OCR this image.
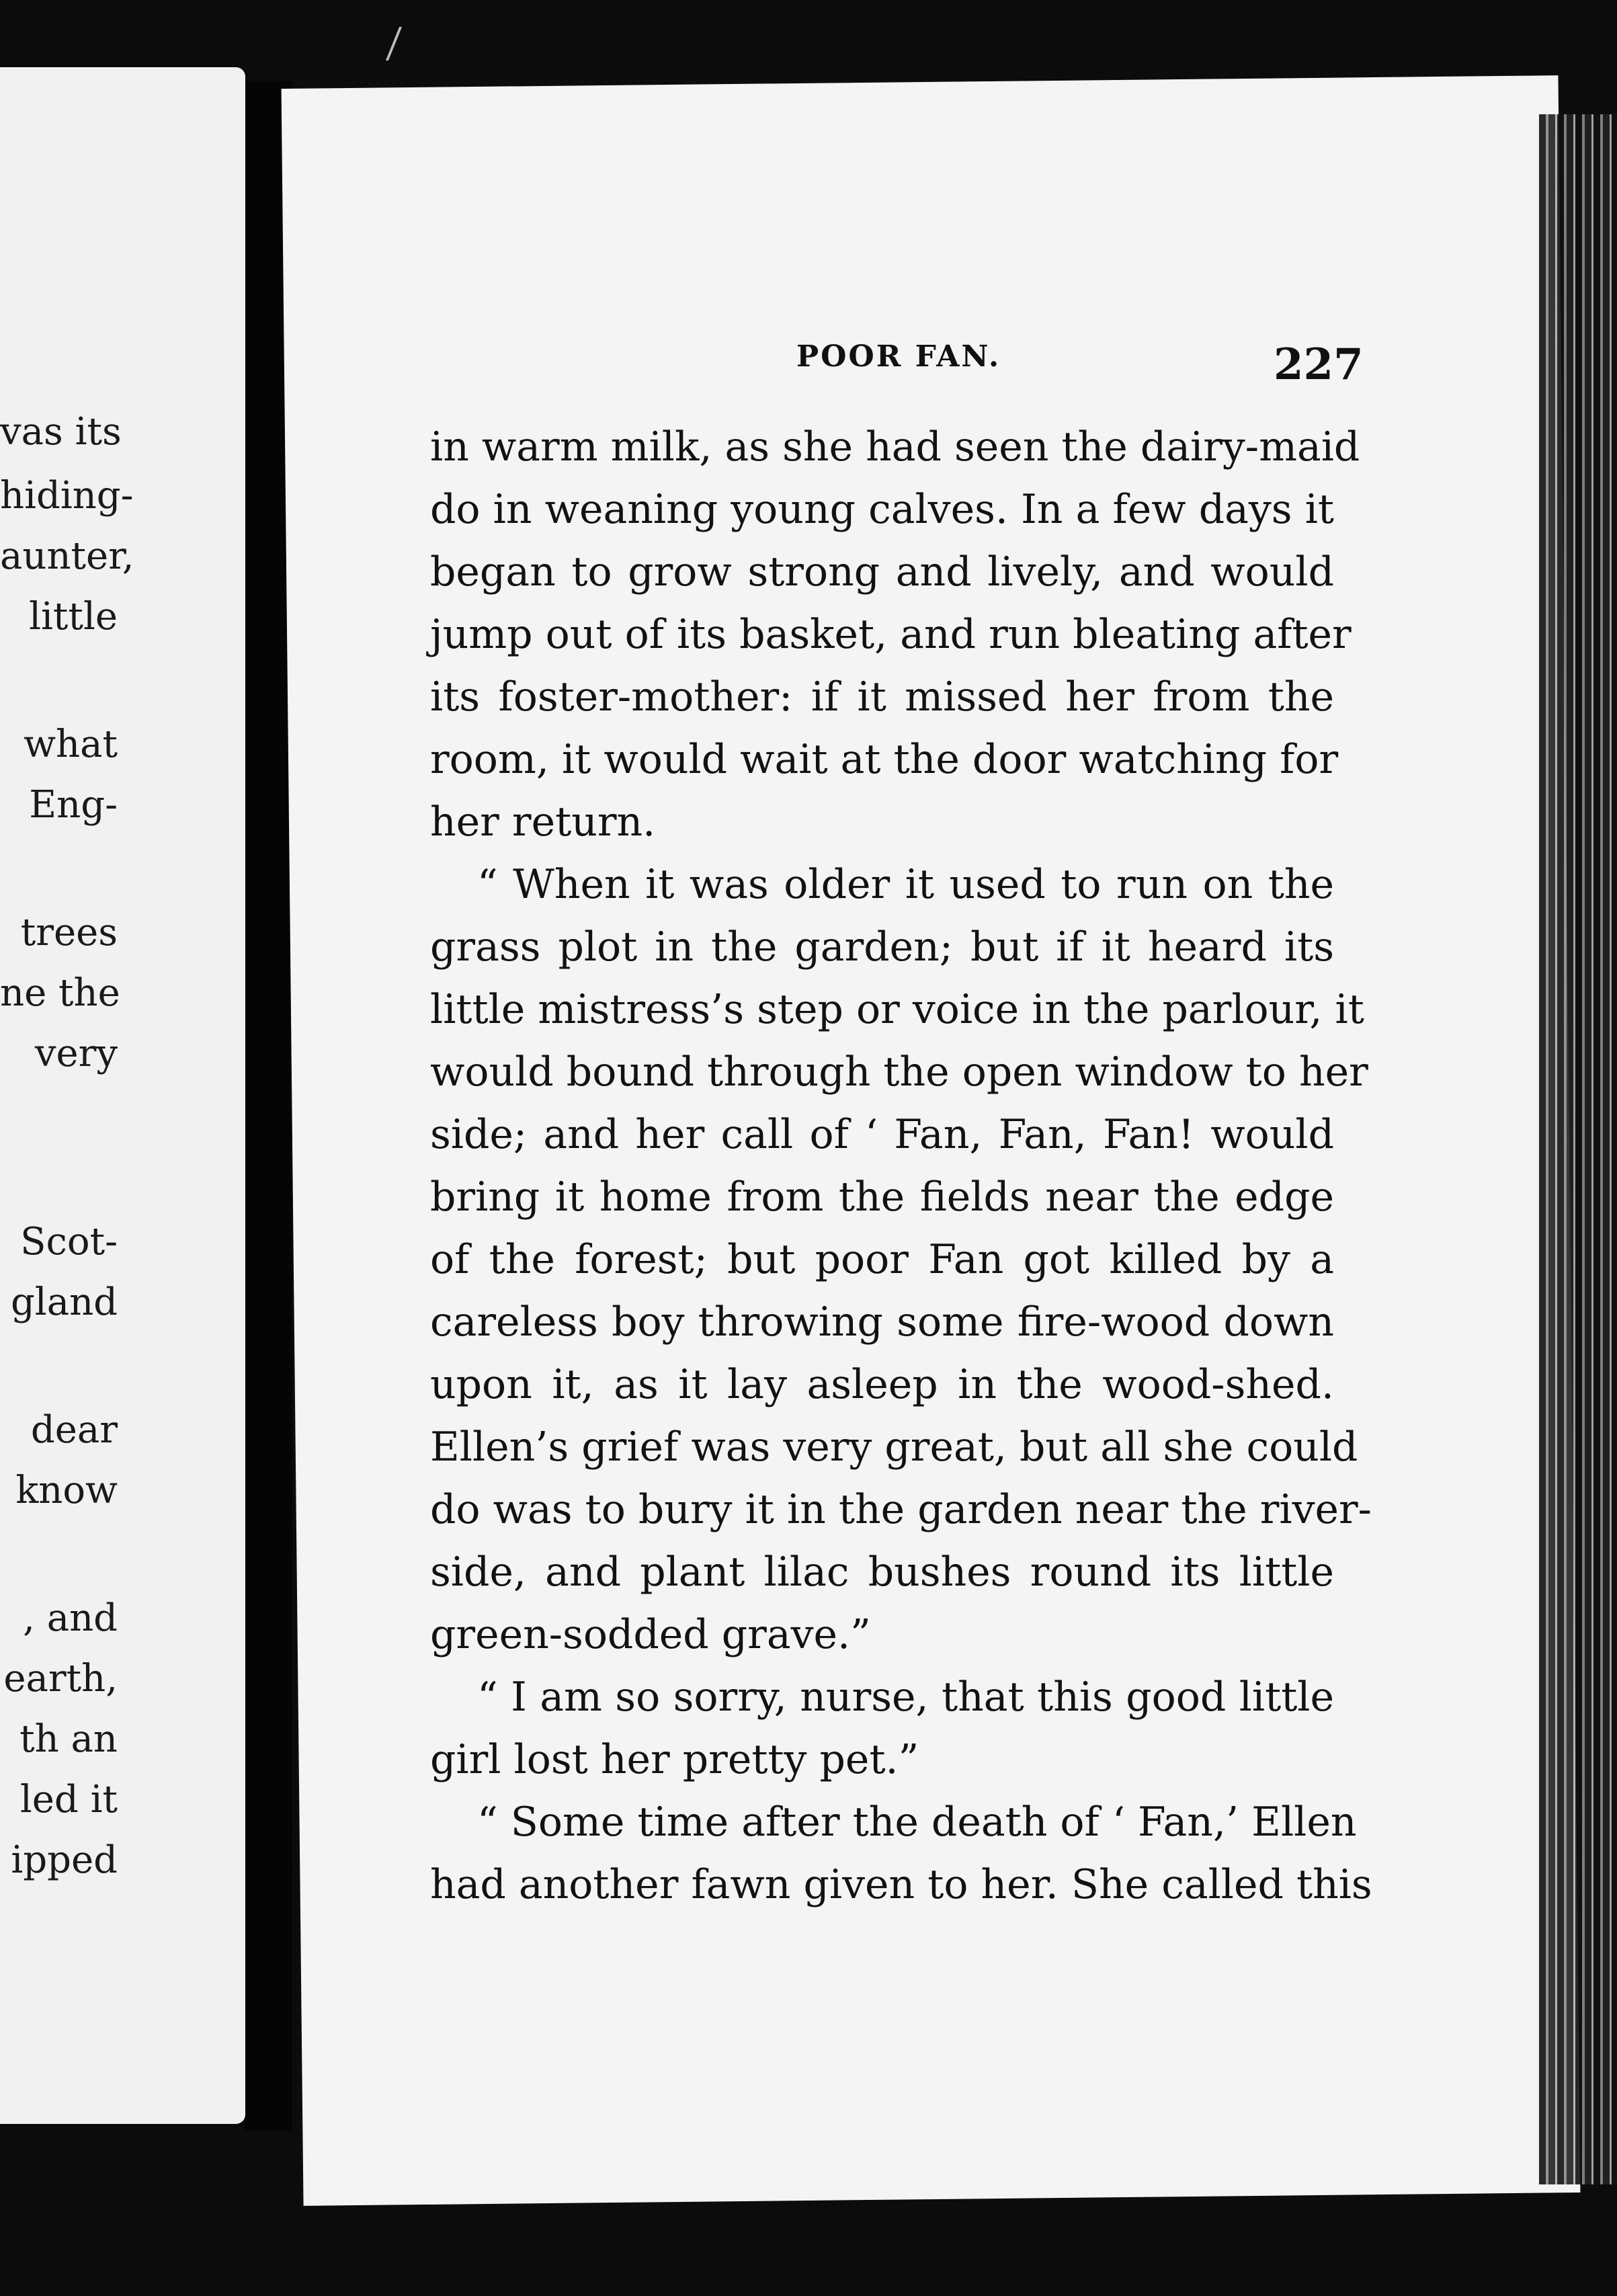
vas its
hiding-
aunter,
little
what
Eng-
trees
ne the
very
Scot-
gland
dear
know
, and
earth,
th an
led it
ipped
POOR FAN.	227
in warm milk, as she had seen the dairy-maid
do in weaning young calves. In a few days it
began to grow strong and lively, and would
jump out of its basket, and run bleating after
its foster-mother: if it missed her from the
room, it would wait at the door watching for
her return.
“ When it was older it used to run on the
grass plot in the garden; but if it heard its
little mistress’s step or voice in the parlour, it
would bound through the open window to her
side; and her call of ‘ Fan, Fan, Fan! would
bring it home from the fields near the edge
of the forest; but poor Fan got killed by a
careless boy throwing some fire-wood down
upon it, as it lay asleep in the wood-shed.
Ellen’s grief was very great, but all she could
do was to bury it in the garden near the river-
side, and plant lilac bushes round its little
green-sodded grave.”
“ I am so sorry, nurse, that this good little
girl lost her pretty pet.”
“ Some time after the death of ‘ Fan,’ Ellen
had another fawn given to her. She called this
